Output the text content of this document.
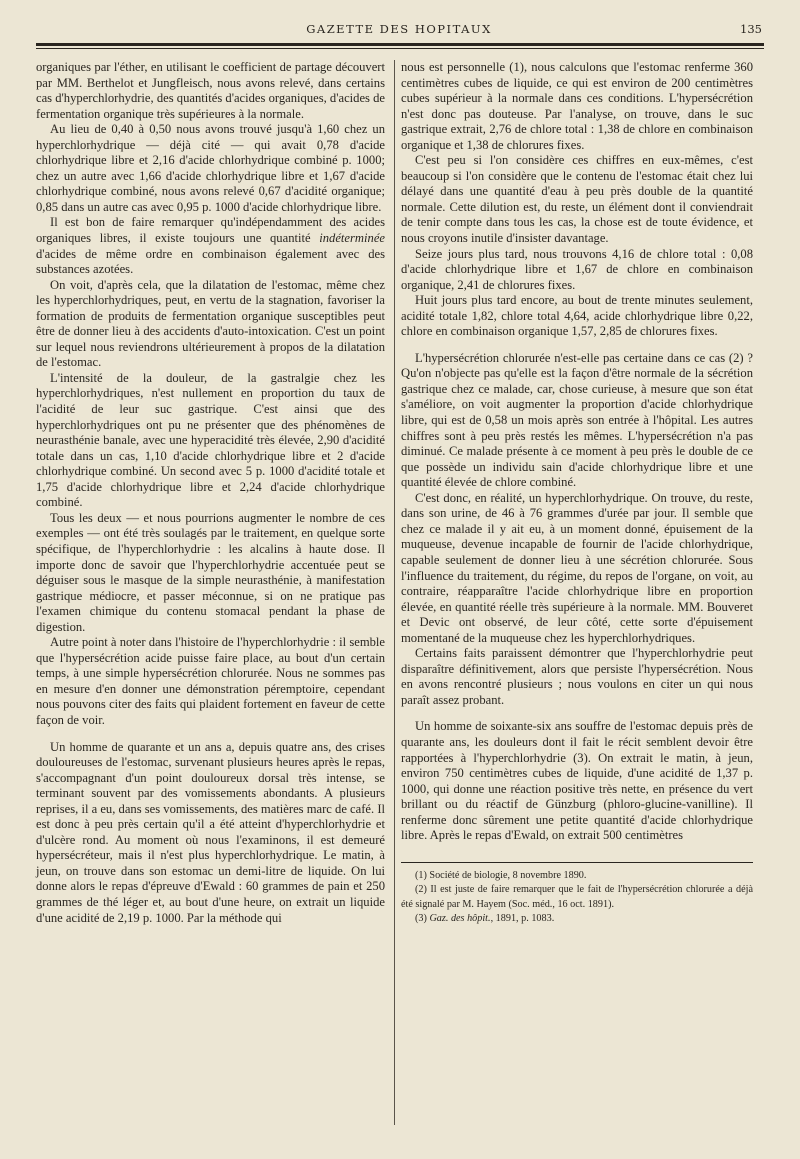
GAZETTE DES HOPITAUX	135

organiques par l'éther, en utilisant le coefficient de partage découvert par MM. Berthelot et Jungfleisch, nous avons relevé, dans certains cas d'hyperchlorhydrie, des quantités d'acides organiques, d'acides de fermentation organique très supérieures à la normale.

Au lieu de 0,40 à 0,50 nous avons trouvé jusqu'à 1,60 chez un hyperchlorhydrique — déjà cité — qui avait 0,78 d'acide chlorhydrique libre et 2,16 d'acide chlorhydrique combiné p. 1000; chez un autre avec 1,66 d'acide chlorhydrique libre et 1,67 d'acide chlorhydrique combiné, nous avons relevé 0,67 d'acidité organique; 0,85 dans un autre cas avec 0,95 p. 1000 d'acide chlorhydrique libre.

Il est bon de faire remarquer qu'indépendamment des acides organiques libres, il existe toujours une quantité indéterminée d'acides de même ordre en combinaison également avec des substances azotées.

On voit, d'après cela, que la dilatation de l'estomac, même chez les hyperchlorhydriques, peut, en vertu de la stagnation, favoriser la formation de produits de fermentation organique susceptibles peut être de donner lieu à des accidents d'auto-intoxication. C'est un point sur lequel nous reviendrons ultérieurement à propos de la dilatation de l'estomac.

L'intensité de la douleur, de la gastralgie chez les hyperchlorhydriques, n'est nullement en proportion du taux de l'acidité de leur suc gastrique. C'est ainsi que des hyperchlorhydriques ont pu ne présenter que des phénomènes de neurasthénie banale, avec une hyperacidité très élevée, 2,90 d'acidité totale dans un cas, 1,10 d'acide chlorhydrique libre et 2 d'acide chlorhydrique combiné. Un second avec 5 p. 1000 d'acidité totale et 1,75 d'acide chlorhydrique libre et 2,24 d'acide chlorhydrique combiné.

Tous les deux — et nous pourrions augmenter le nombre de ces exemples — ont été très soulagés par le traitement, en quelque sorte spécifique, de l'hyperchlorhydrie : les alcalins à haute dose. Il importe donc de savoir que l'hyperchlorhydrie accentuée peut se déguiser sous le masque de la simple neurasthénie, à manifestation gastrique médiocre, et passer méconnue, si on ne pratique pas l'examen chimique du contenu stomacal pendant la phase de digestion.

Autre point à noter dans l'histoire de l'hyperchlorhydrie : il semble que l'hypersécrétion acide puisse faire place, au bout d'un certain temps, à une simple hypersécrétion chlorurée. Nous ne sommes pas en mesure d'en donner une démonstration péremptoire, cependant nous pouvons citer des faits qui plaident fortement en faveur de cette façon de voir.

Un homme de quarante et un ans a, depuis quatre ans, des crises douloureuses de l'estomac, survenant plusieurs heures après le repas, s'accompagnant d'un point douloureux dorsal très intense, se terminant souvent par des vomissements abondants. A plusieurs reprises, il a eu, dans ses vomissements, des matières marc de café. Il est donc à peu près certain qu'il a été atteint d'hyperchlorhydrie et d'ulcère rond. Au moment où nous l'examinons, il est demeuré hypersécréteur, mais il n'est plus hyperchlorhydrique. Le matin, à jeun, on trouve dans son estomac un demi-litre de liquide. On lui donne alors le repas d'épreuve d'Ewald : 60 grammes de pain et 250 grammes de thé léger et, au bout d'une heure, on extrait un liquide d'une acidité de 2,19 p. 1000. Par la méthode qui

nous est personnelle (1), nous calculons que l'estomac renferme 360 centimètres cubes de liquide, ce qui est environ de 200 centimètres cubes supérieur à la normale dans ces conditions. L'hypersécrétion n'est donc pas douteuse. Par l'analyse, on trouve, dans le suc gastrique extrait, 2,76 de chlore total : 1,38 de chlore en combinaison organique et 1,38 de chlorures fixes.

C'est peu si l'on considère ces chiffres en eux-mêmes, c'est beaucoup si l'on considère que le contenu de l'estomac était chez lui délayé dans une quantité d'eau à peu près double de la quantité normale. Cette dilution est, du reste, un élément dont il conviendrait de tenir compte dans tous les cas, la chose est de toute évidence, et nous croyons inutile d'insister davantage.

Seize jours plus tard, nous trouvons 4,16 de chlore total : 0,08 d'acide chlorhydrique libre et 1,67 de chlore en combinaison organique, 2,41 de chlorures fixes.

Huit jours plus tard encore, au bout de trente minutes seulement, acidité totale 1,82, chlore total 4,64, acide chlorhydrique libre 0,22, chlore en combinaison organique 1,57, 2,85 de chlorures fixes.

L'hypersécrétion chlorurée n'est-elle pas certaine dans ce cas (2) ? Qu'on n'objecte pas qu'elle est la façon d'être normale de la sécrétion gastrique chez ce malade, car, chose curieuse, à mesure que son état s'améliore, on voit augmenter la proportion d'acide chlorhydrique libre, qui est de 0,58 un mois après son entrée à l'hôpital. Les autres chiffres sont à peu près restés les mêmes. L'hypersécrétion n'a pas diminué. Ce malade présente à ce moment à peu près le double de ce que possède un individu sain d'acide chlorhydrique libre et une quantité élevée de chlore combiné.

C'est donc, en réalité, un hyperchlorhydrique. On trouve, du reste, dans son urine, de 46 à 76 grammes d'urée par jour. Il semble que chez ce malade il y ait eu, à un moment donné, épuisement de la muqueuse, devenue incapable de fournir de l'acide chlorhydrique, capable seulement de donner lieu à une sécrétion chlorurée. Sous l'influence du traitement, du régime, du repos de l'organe, on voit, au contraire, réapparaître l'acide chlorhydrique libre en proportion élevée, en quantité réelle très supérieure à la normale. MM. Bouveret et Devic ont observé, de leur côté, cette sorte d'épuisement momentané de la muqueuse chez les hyperchlorhydriques.

Certains faits paraissent démontrer que l'hyperchlorhydrie peut disparaître définitivement, alors que persiste l'hypersécrétion. Nous en avons rencontré plusieurs ; nous voulons en citer un qui nous paraît assez probant.

Un homme de soixante-six ans souffre de l'estomac depuis près de quarante ans, les douleurs dont il fait le récit semblent devoir être rapportées à l'hyperchlorhydrie (3). On extrait le matin, à jeun, environ 750 centimètres cubes de liquide, d'une acidité de 1,37 p. 1000, qui donne une réaction positive très nette, en présence du vert brillant ou du réactif de Günzburg (phloro-glucine-vanilline). Il renferme donc sûrement une petite quantité d'acide chlorhydrique libre. Après le repas d'Ewald, on extrait 500 centimètres

(1) Société de biologie, 8 novembre 1890.

(2) Il est juste de faire remarquer que le fait de l'hypersécrétion chlorurée a déjà été signalé par M. Hayem (Soc. méd., 16 oct. 1891).

(3) Gaz. des hôpit., 1891, p. 1083.
